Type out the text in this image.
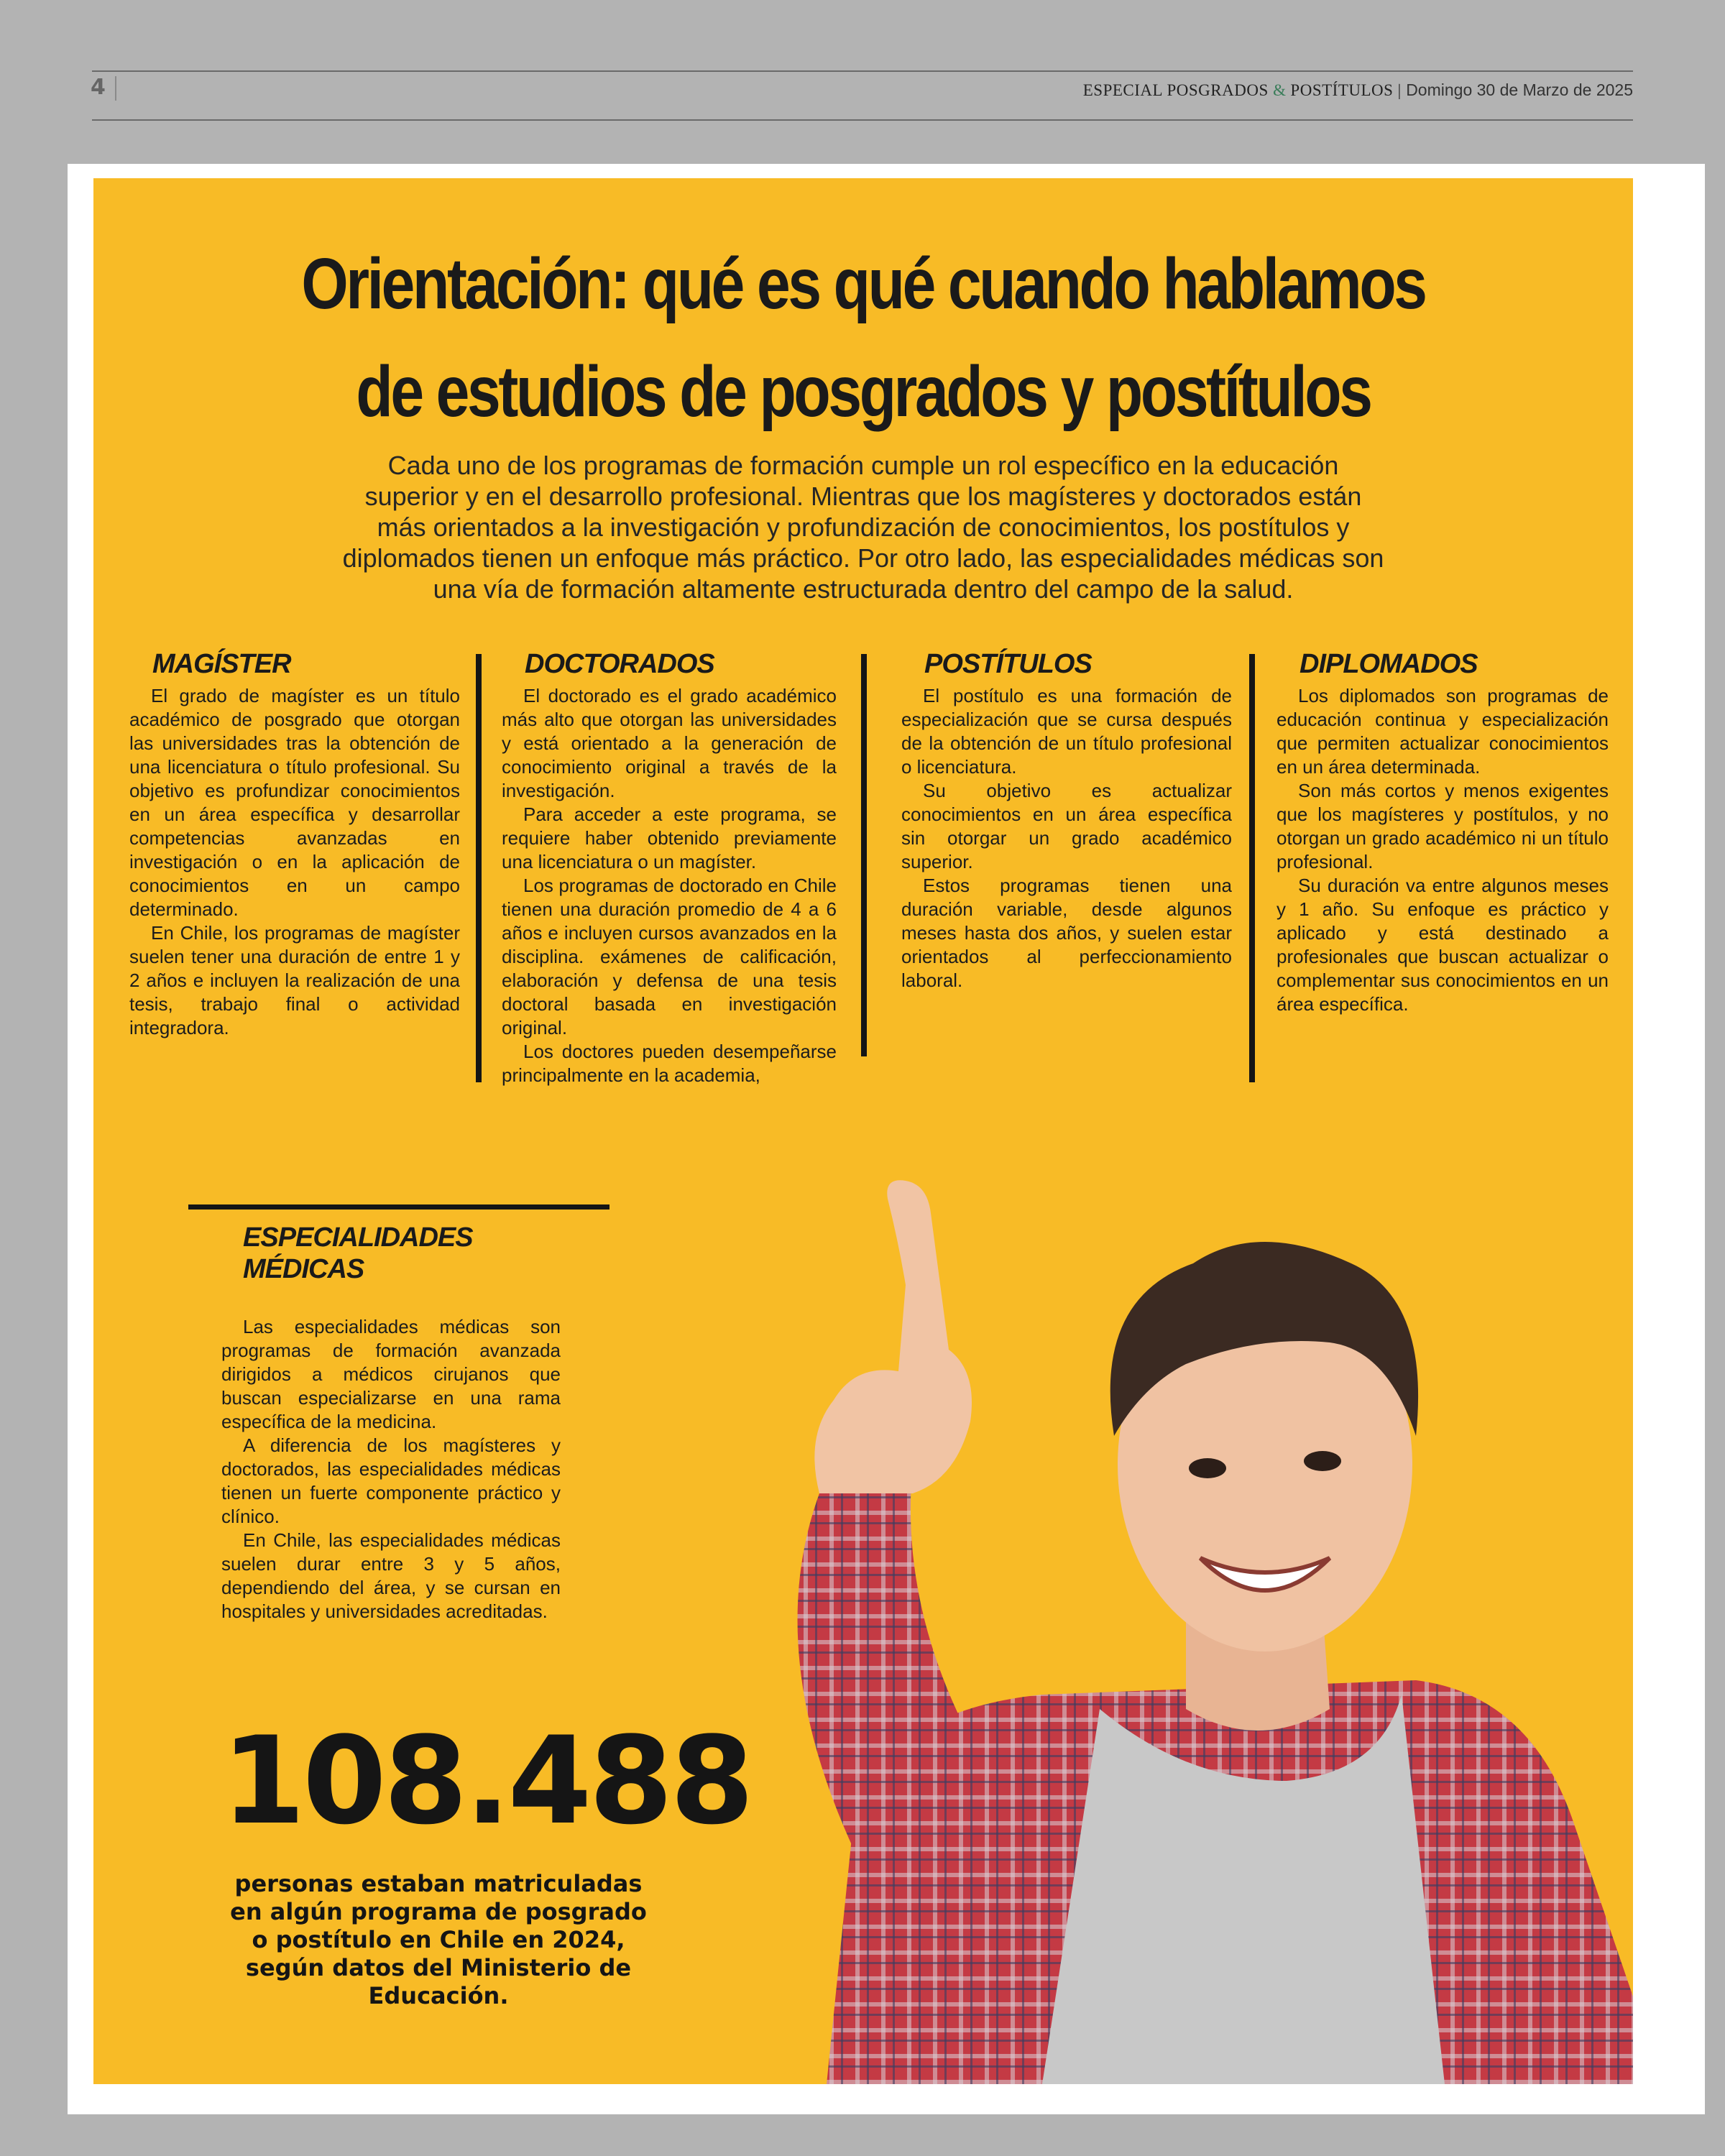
4	ESPECIAL POSGRADOS & POSTÍTULOS | Domingo 30 de Marzo de 2025
Orientación: qué es qué cuando hablamos
de estudios de posgrados y postítulos

Cada uno de los programas de formación cumple un rol específico en la educación superior y en el desarrollo profesional. Mientras que los magísteres y doctorados están más orientados a la investigación y profundización de conocimientos, los postítulos y diplomados tienen un enfoque más práctico. Por otro lado, las especialidades médicas son una vía de formación altamente estructurada dentro del campo de la salud.

MAGÍSTER

El grado de magíster es un título académico de posgrado que otorgan las universidades tras la obtención de una licenciatura o título profesional. Su objetivo es profundizar conocimientos en un área específica y desarrollar competencias avanzadas en investigación o en la aplicación de conocimientos en un campo determinado.

En Chile, los programas de magíster suelen tener una duración de entre 1 y 2 años e incluyen la realización de una tesis, trabajo final o actividad integradora.

DOCTORADOS

El doctorado es el grado académico más alto que otorgan las universidades y está orientado a la generación de conocimiento original a través de la investigación.

Para acceder a este programa, se requiere haber obtenido previamente una licenciatura o un magíster.

Los programas de doctorado en Chile tienen una duración promedio de 4 a 6 años e incluyen cursos avanzados en la disciplina. exámenes de calificación, elaboración y defensa de una tesis doctoral basada en investigación original.

Los doctores pueden desempeñarse principalmente en la academia,

POSTÍTULOS

El postítulo es una formación de especialización que se cursa después de la obtención de un título profesional o licenciatura.

Su objetivo es actualizar conocimientos en un área específica sin otorgar un grado académico superior.

Estos programas tienen una duración variable, desde algunos meses hasta dos años, y suelen estar orientados al perfeccionamiento laboral.

DIPLOMADOS

Los diplomados son programas de educación continua y especialización que permiten actualizar conocimientos en un área determinada.

Son más cortos y menos exigentes que los magísteres y postítulos, y no otorgan un grado académico ni un título profesional.

Su duración va entre algunos meses y 1 año. Su enfoque es práctico y aplicado y está destinado a profesionales que buscan actualizar o complementar sus conocimientos en un área específica.

ESPECIALIDADES
MÉDICAS

Las especialidades médicas son programas de formación avanzada dirigidos a médicos cirujanos que buscan especializarse en una rama específica de la medicina.

A diferencia de los magísteres y doctorados, las especialidades médicas tienen un fuerte componente práctico y clínico.

En Chile, las especialidades médicas suelen durar entre 3 y 5 años, dependiendo del área, y se cursan en hospitales y universidades acreditadas.

108.488

personas estaban matriculadas en algún programa de posgrado o postítulo en Chile en 2024, según datos del Ministerio de Educación.
